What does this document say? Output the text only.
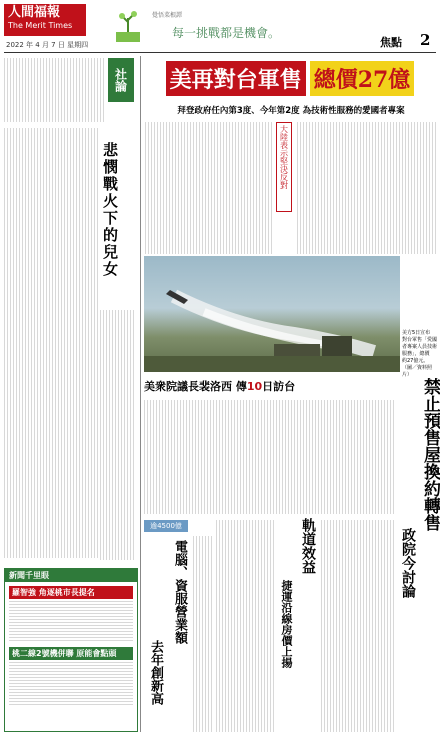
人間福報
The Merit Times
2022 年 4 月 7 日 星期四
覺悟菜根譚
每一挑戰都是機會。
焦點 2
社論
悲憫戰火下的兒女
新聞千里眼
羅智強 角逐桃市長提名
桃二線2號機併聯 原能會點頭
美再對台軍售 總價27億
拜登政府任內第3度、今年第2度 為技術性服務的愛國者專案
大陸表示堅決反對
美方5日宣布
對台軍售「愛國
者專案人員技術
服務」，總價
約27億元。
（圖／資料照片）
美衆院議長裴洛西 傳10日訪台	禁止預售屋換約轉售
政院今討論
軌道效益
捷運沿線房價上揚
逾4500億
電腦、資服營業額
去年創新高
